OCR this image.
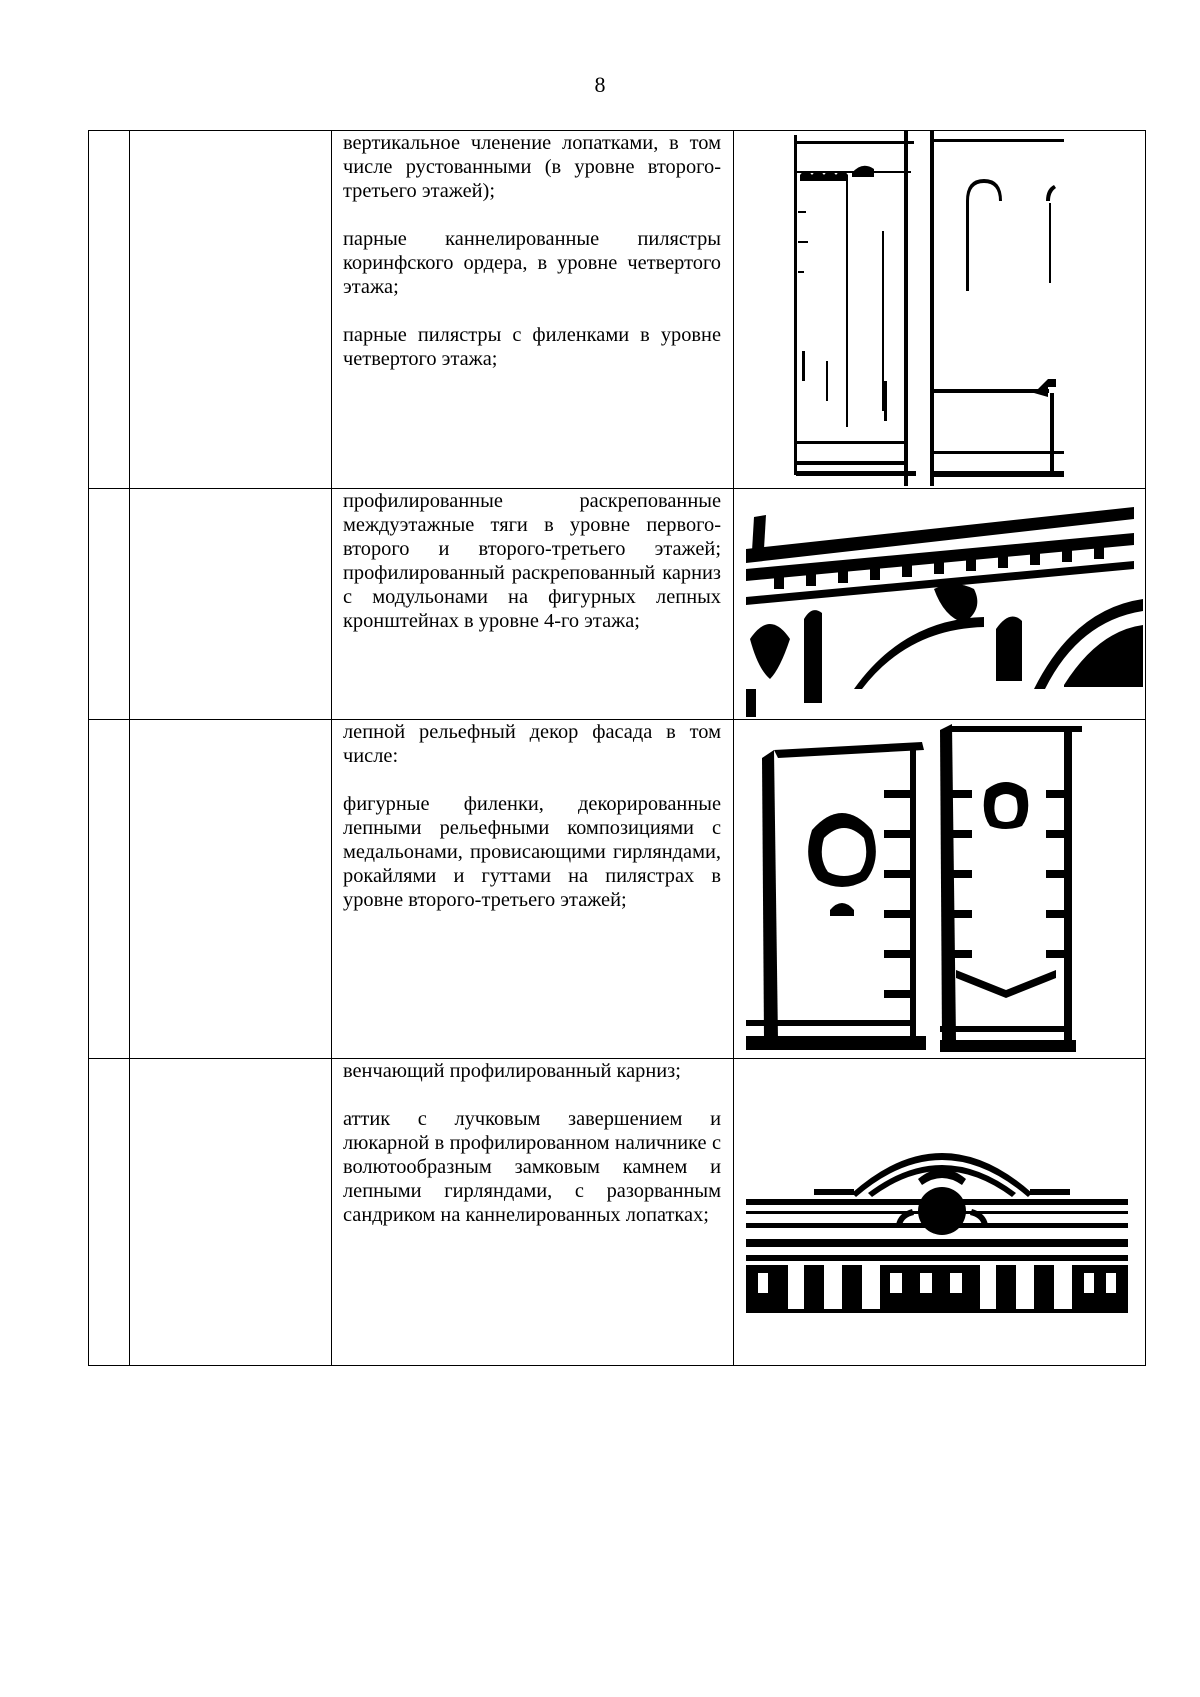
8

		вертикальное членение лопатками, в том числе рустованными (в уровне второго-третьего этажей);

парные каннелированные пилястры коринфского ордера, в уровне четвертого этажа;

парные пилястры с филенками в уровне четвертого этажа;

		профилированные раскрепованные междуэтажные тяги в уровне первого-второго и второго-третьего этажей; профилированный раскрепованный карниз с модульонами на фигурных лепных кронштейнах в уровне 4-го этажа;

		лепной рельефный декор фасада в том числе:

фигурные филенки, декорированные лепными рельефными композициями с медальонами, провисающими гирляндами, рокайлями и гуттами на пилястрах в уровне второго-третьего этажей;

		венчающий профилированный карниз;

аттик с лучковым завершением и люкарной в профилированном наличнике с волютообразным замковым камнем и лепными гирляндами, с разорванным сандриком на каннелированных лопатках;
